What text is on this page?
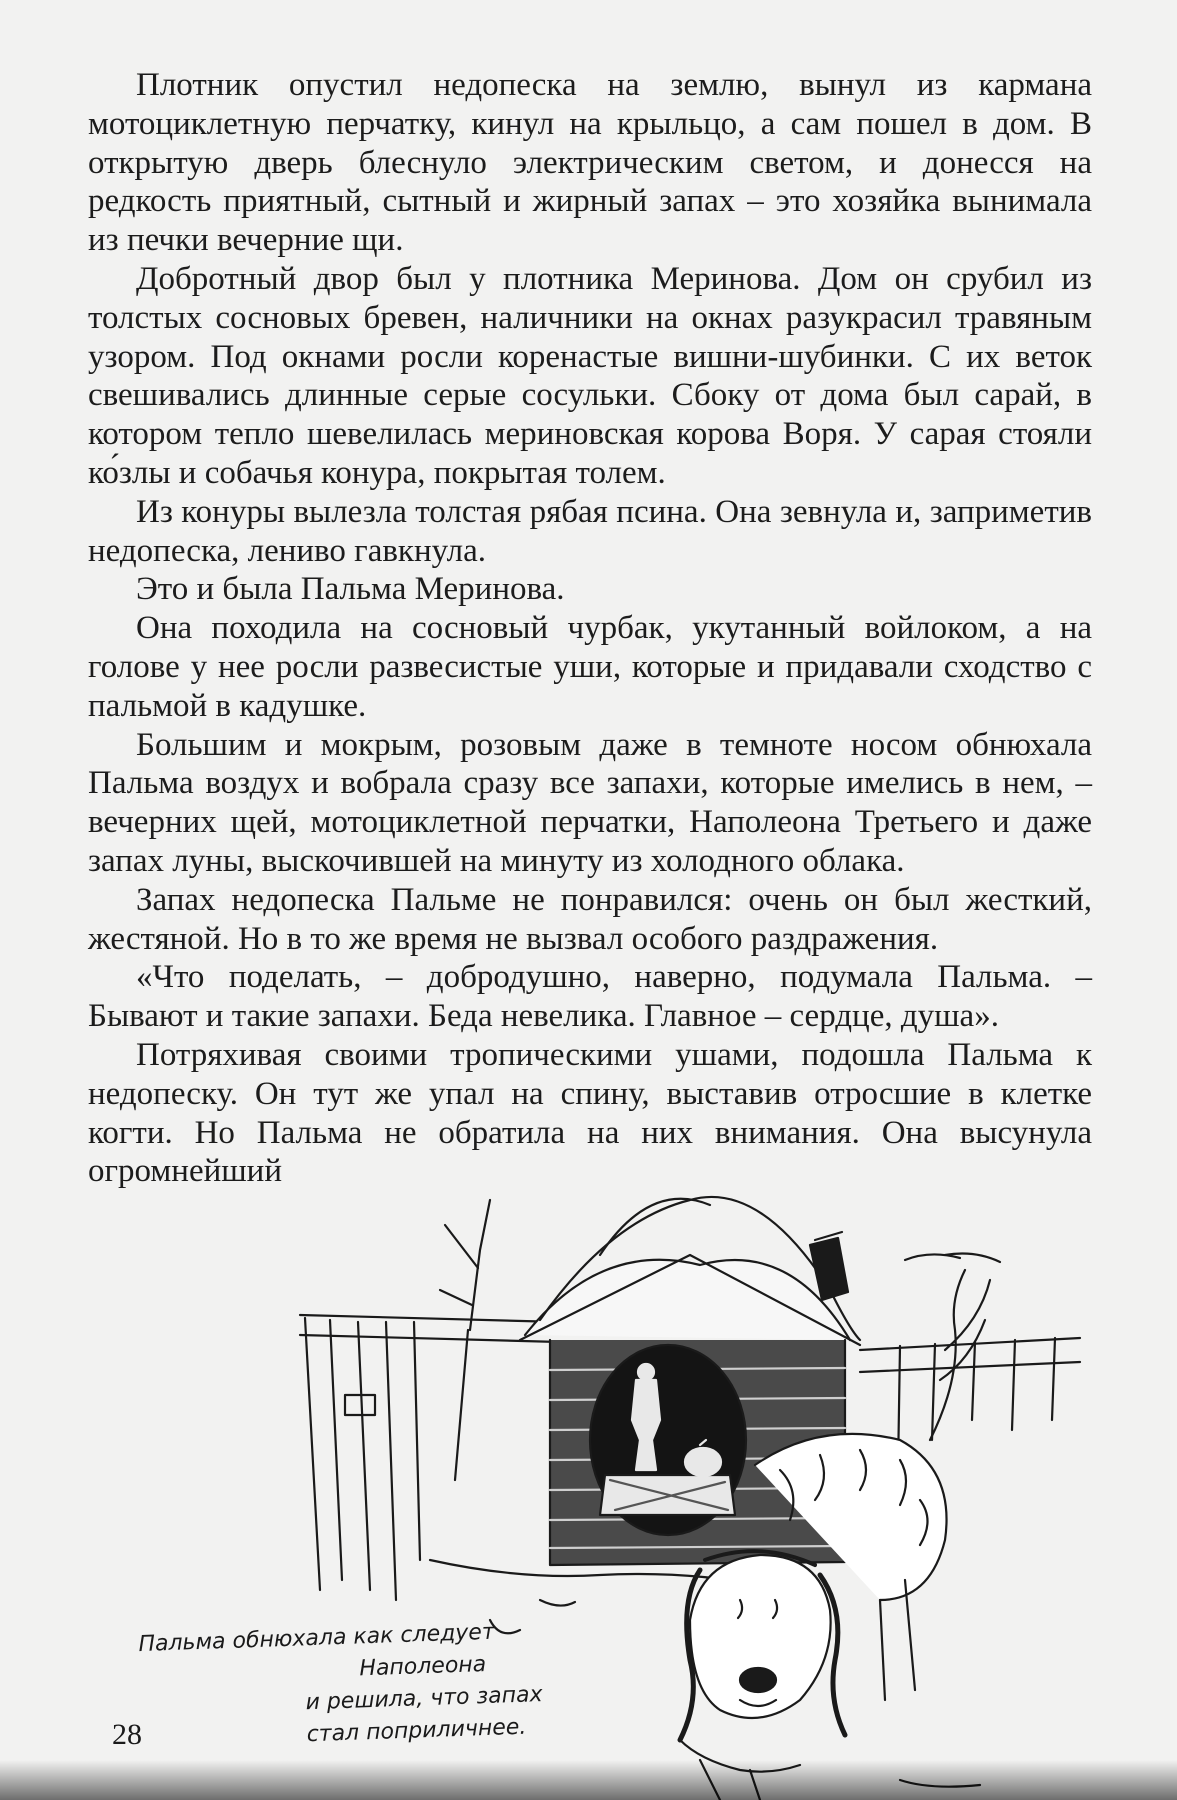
Плотник опустил недопеска на землю, вынул из кармана мотоциклетную перчатку, кинул на крыльцо, а сам пошел в дом. В открытую дверь блеснуло электрическим светом, и донесся на редкость приятный, сытный и жирный запах – это хозяйка вынимала из печки вечерние щи.

Добротный двор был у плотника Меринова. Дом он срубил из толстых сосновых бревен, наличники на окнах разукрасил травяным узором. Под окнами росли коренастые вишни-шубинки. С их веток свешивались длинные серые сосульки. Сбоку от дома был сарай, в котором тепло шевелилась мериновская корова Воря. У сарая стояли ко́злы и собачья конура, покрытая толем.

Из конуры вылезла толстая рябая псина. Она зевнула и, заприметив недопеска, лениво гавкнула.

Это и была Пальма Меринова.

Она походила на сосновый чурбак, укутанный войлоком, а на голове у нее росли развесистые уши, которые и придавали сходство с пальмой в кадушке.

Большим и мокрым, розовым даже в темноте носом обнюхала Пальма воздух и вобрала сразу все запахи, которые имелись в нем, – вечерних щей, мотоциклетной перчатки, Наполеона Третьего и даже запах луны, выскочившей на минуту из холодного облака.

Запах недопеска Пальме не понравился: очень он был жесткий, жестяной. Но в то же время не вызвал особого раздражения.

«Что поделать, – добродушно, наверно, подумала Пальма. – Бывают и такие запахи. Беда невелика. Главное – сердце, душа».

Потряхивая своими тропическими ушами, подошла Пальма к недопеску. Он тут же упал на спину, выставив отросшие в клетке когти. Но Пальма не обратила на них внимания. Она высунула огромнейший

Пальма обнюхала как следует
Наполеона
и решила, что запах
стал поприличнее.
28
